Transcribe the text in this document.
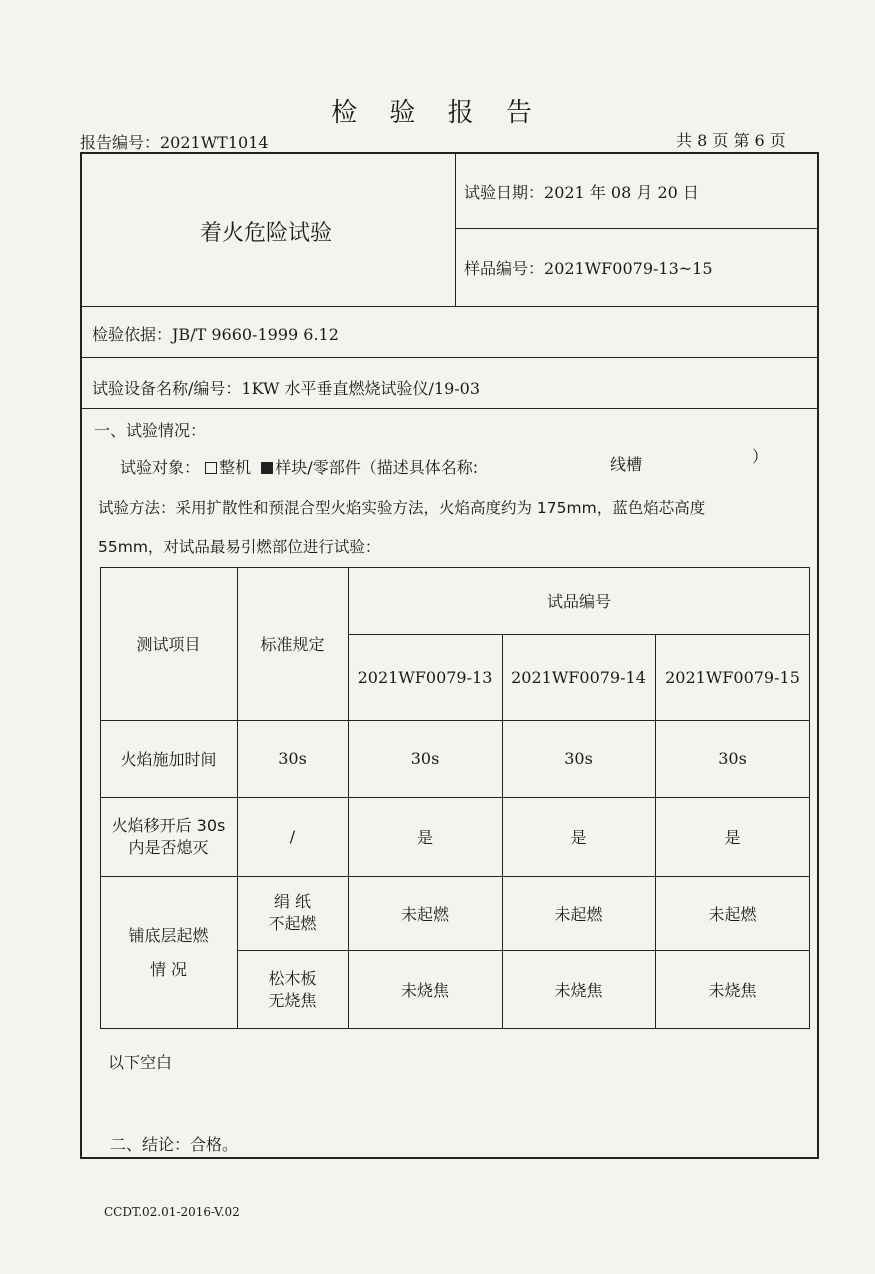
检 验 报 告
报告编号：2021WT1014	共 8 页 第 6 页
着火危险试验
试验日期：2021 年 08 月 20 日
样品编号：2021WF0079-13~15
检验依据：JB/T 9660-1999 6.12
试验设备名称/编号：1KW 水平垂直燃烧试验仪/19-03
一、试验情况：
试验对象： 整机 样块/零部件（描述具体名称:	线槽	）
试验方法：采用扩散性和预混合型火焰实验方法，火焰高度约为 175mm，蓝色焰芯高度
55mm，对试品最易引燃部位进行试验：
测试项目	标准规定
试品编号
2021WF0079-13	2021WF0079-14	2021WF0079-15
火焰施加时间	30s	30s	30s	30s
火焰移开后 30s
内是否熄灭
/	是	是	是
铺底层起燃
情 况
绢 纸
不起燃	未起燃	未起燃	未起燃
松木板
无烧焦	未烧焦	未烧焦	未烧焦
以下空白
二、结论：合格。
CCDT.02.01-2016-V.02
